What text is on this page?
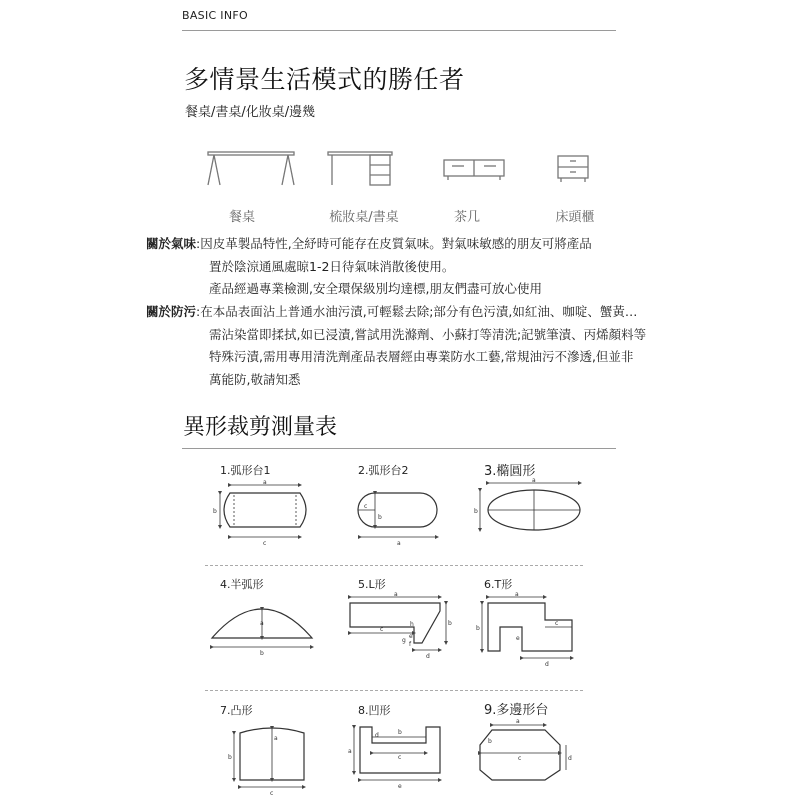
BASIC INFO
多情景生活模式的勝任者
餐桌/書桌/化妝桌/邊幾
餐桌	梳妝桌/書桌	茶几	床頭櫃
關於氣味:因皮革製品特性,全紓時可能存在皮質氣味。對氣味敏感的朋友可將產品
置於陰涼通風處晾1-2日待氣味消散後使用。
產品經過專業檢測,安全環保級別均達標,朋友們盡可放心使用
關於防污:在本品表面沾上普通水油污漬,可輕鬆去除;部分有色污漬,如紅油、咖啶、蟹黃…
需沾染當即揉拭,如已浸漬,嘗試用洗滌劑、小蘇打等清洗;記號筆漬、丙烯顏料等
特殊污漬,需用專用清洗劑產品表層經由專業防水工藝,常規油污不滲透,但並非
萬能防,敬請知悉
異形裁剪測量表
1.弧形台1	2.弧形台2	3.橢圓形
4.半弧形	5.L形	6.T形
7.凸形	8.凹形	9.多邊形台
a
b
c
c
b
a
a
b
a
b
a
b
c
d
e
f
g
h
a
b
c
d
e
a
b
c
a
b
c
d
e
a
b
c	d
